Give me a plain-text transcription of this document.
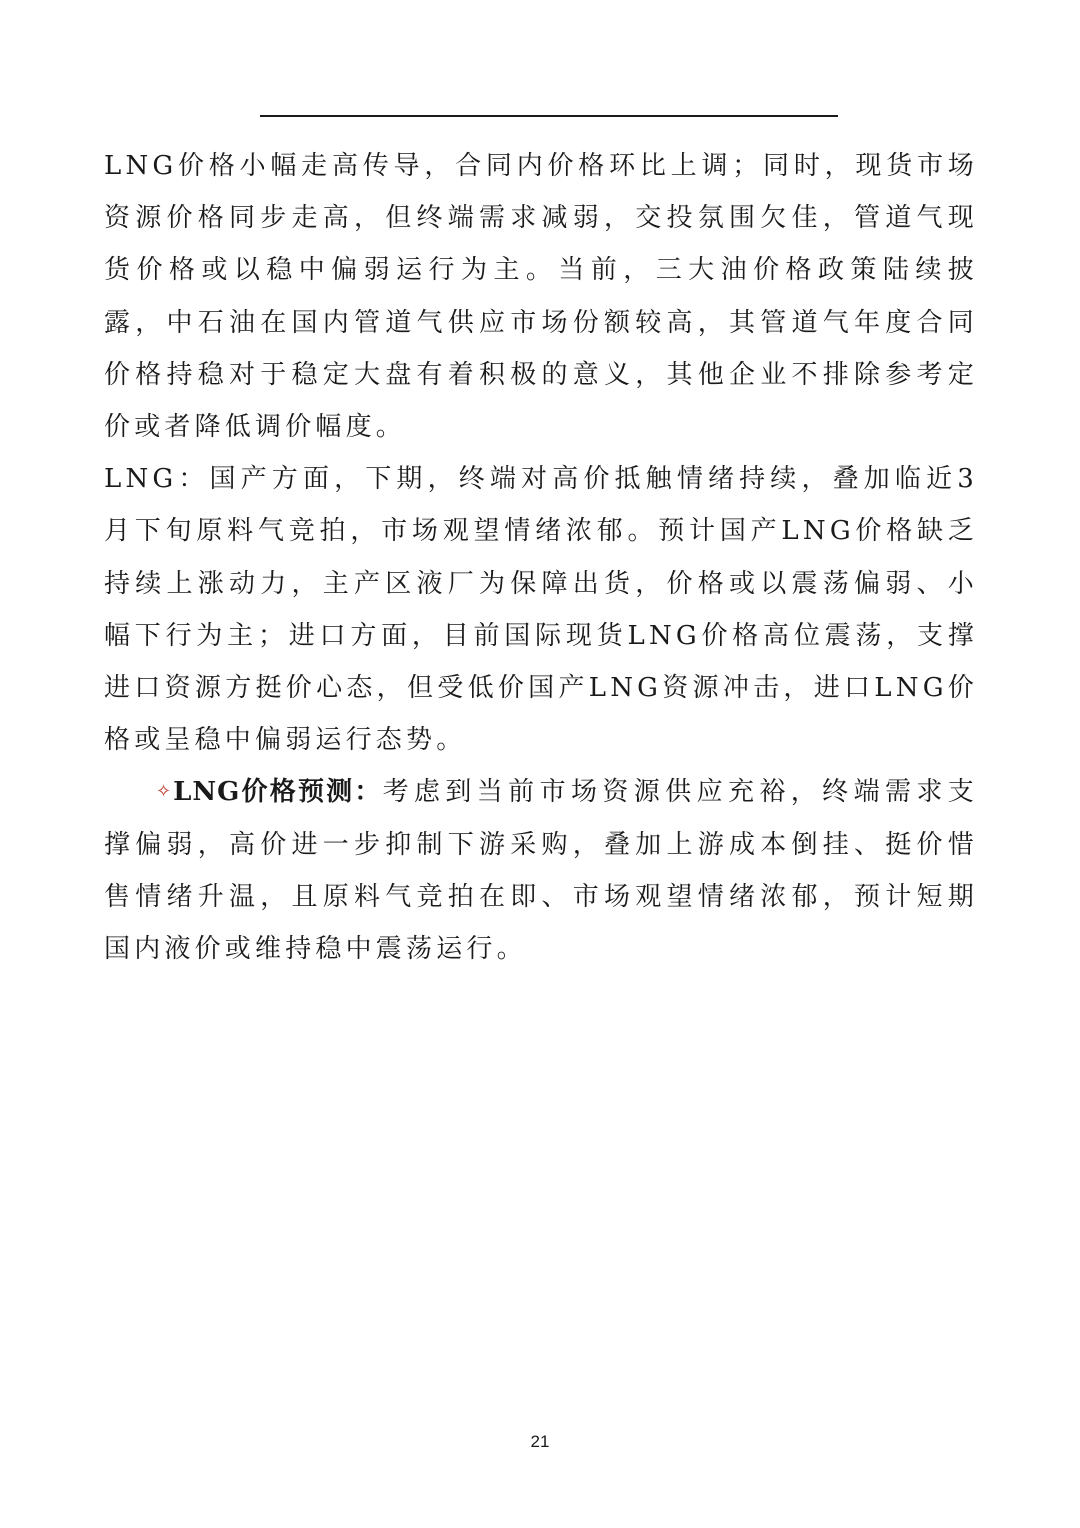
LNG价格小幅走高传导，合同内价格环比上调；同时，现货市场资源价格同步走高，但终端需求减弱，交投氛围欠佳，管道气现货价格或以稳中偏弱运行为主。当前，三大油价格政策陆续披露，中石油在国内管道气供应市场份额较高，其管道气年度合同价格持稳对于稳定大盘有着积极的意义，其他企业不排除参考定价或者降低调价幅度。

LNG：国产方面，下期，终端对高价抵触情绪持续，叠加临近3月下旬原料气竞拍，市场观望情绪浓郁。预计国产LNG价格缺乏持续上涨动力，主产区液厂为保障出货，价格或以震荡偏弱、小幅下行为主；进口方面，目前国际现货LNG价格高位震荡，支撑进口资源方挺价心态，但受低价国产LNG资源冲击，进口LNG价格或呈稳中偏弱运行态势。

✧LNG价格预测：考虑到当前市场资源供应充裕，终端需求支撑偏弱，高价进一步抑制下游采购，叠加上游成本倒挂、挺价惜售情绪升温，且原料气竞拍在即、市场观望情绪浓郁，预计短期国内液价或维持稳中震荡运行。

21
